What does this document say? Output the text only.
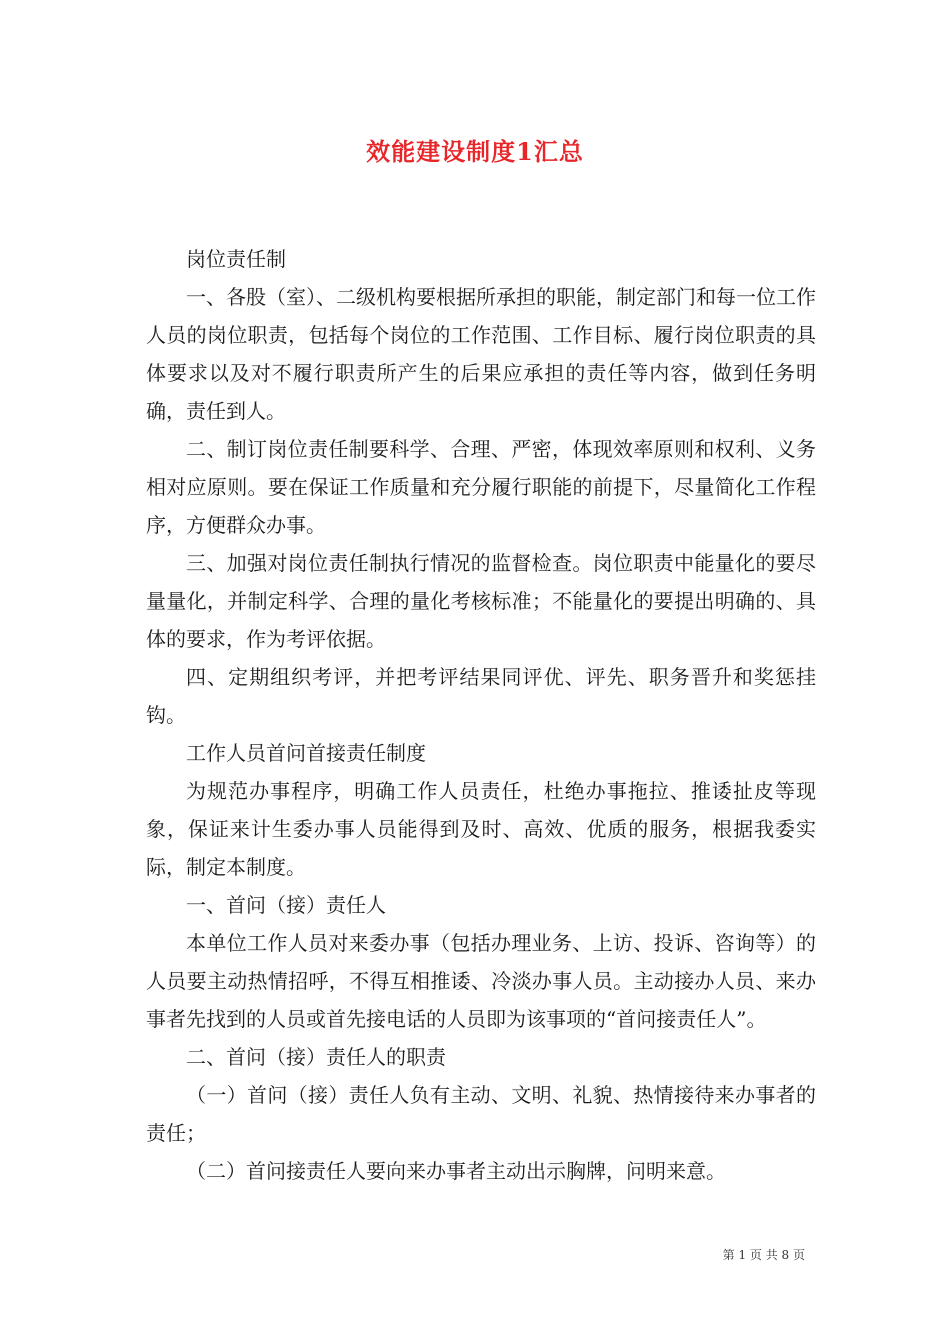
效能建设制度1汇总

岗位责任制

一、各股（室）、二级机构要根据所承担的职能，制定部门和每一位工作人员的岗位职责，包括每个岗位的工作范围、工作目标、履行岗位职责的具体要求以及对不履行职责所产生的后果应承担的责任等内容，做到任务明确，责任到人。

二、制订岗位责任制要科学、合理、严密，体现效率原则和权利、义务相对应原则。要在保证工作质量和充分履行职能的前提下，尽量简化工作程序，方便群众办事。

三、加强对岗位责任制执行情况的监督检查。岗位职责中能量化的要尽量量化，并制定科学、合理的量化考核标准；不能量化的要提出明确的、具体的要求，作为考评依据。

四、定期组织考评，并把考评结果同评优、评先、职务晋升和奖惩挂钩。

工作人员首问首接责任制度

为规范办事程序，明确工作人员责任，杜绝办事拖拉、推诿扯皮等现象，保证来计生委办事人员能得到及时、高效、优质的服务，根据我委实际，制定本制度。

一、首问（接）责任人

本单位工作人员对来委办事（包括办理业务、上访、投诉、咨询等）的人员要主动热情招呼，不得互相推诿、冷淡办事人员。主动接办人员、来办事者先找到的人员或首先接电话的人员即为该事项的“首问接责任人”。

二、首问（接）责任人的职责

（一）首问（接）责任人负有主动、文明、礼貌、热情接待来办事者的责任；

（二）首问接责任人要向来办事者主动出示胸牌，问明来意。

第 1 页 共 8 页
